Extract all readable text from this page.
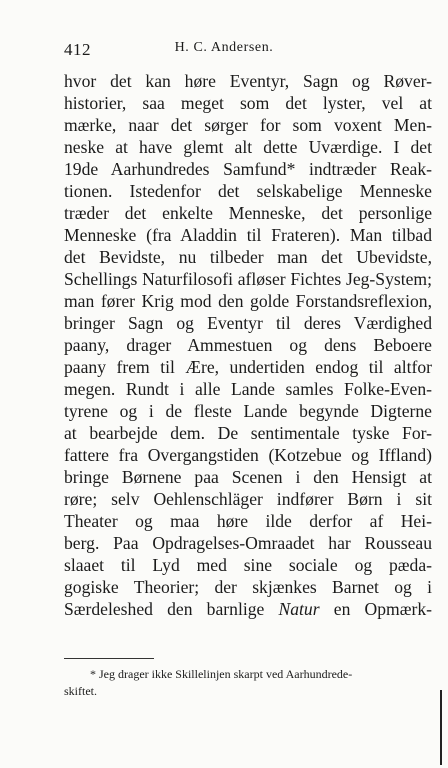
412	H. C. Andersen.
hvor det kan høre Eventyr, Sagn og Røver-
historier, saa meget som det lyster, vel at
mærke, naar det sørger for som voxent Men-
neske at have glemt alt dette Uværdige. I det
19de Aarhundredes Samfund* indtræder Reak-
tionen. Istedenfor det selskabelige Menneske
træder det enkelte Menneske, det personlige
Menneske (fra Aladdin til Frateren). Man tilbad
det Bevidste, nu tilbeder man det Ubevidste,
Schellings Naturfilosofi afløser Fichtes Jeg-System;
man fører Krig mod den golde Forstandsreflexion,
bringer Sagn og Eventyr til deres Værdighed
paany, drager Ammestuen og dens Beboere
paany frem til Ære, undertiden endog til altfor
megen. Rundt i alle Lande samles Folke-Even-
tyrene og i de fleste Lande begynde Digterne
at bearbejde dem. De sentimentale tyske For-
fattere fra Overgangstiden (Kotzebue og Iffland)
bringe Børnene paa Scenen i den Hensigt at
røre; selv Oehlenschläger indfører Børn i sit
Theater og maa høre ilde derfor af Hei-
berg. Paa Opdragelses-Omraadet har Rousseau
slaaet til Lyd med sine sociale og pæda-
gogiske Theorier; der skjænkes Barnet og i
Særdeleshed den barnlige Natur en Opmærk-
* Jeg drager ikke Skillelinjen skarpt ved Aarhundrede-
skiftet.
